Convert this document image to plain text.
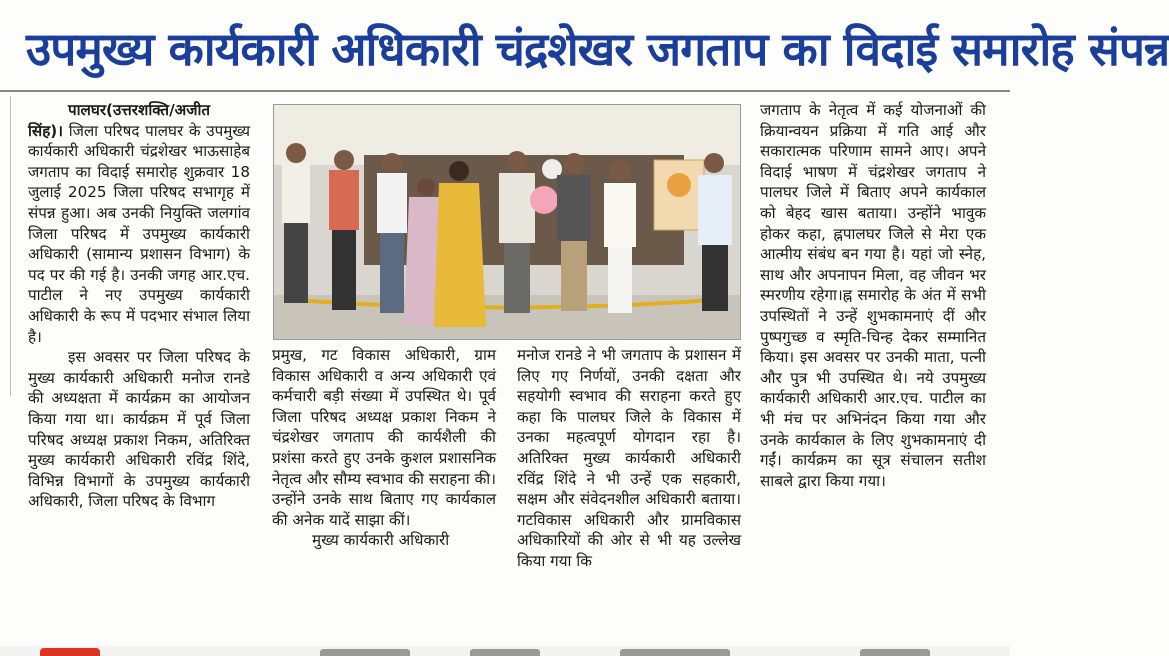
उपमुख्य कार्यकारी अधिकारी चंद्रशेखर जगताप का विदाई समारोह संपन्न

पालघर(उत्तरशक्ति/अजीत सिंह)। जिला परिषद पालघर के उपमुख्य कार्यकारी अधिकारी चंद्रशेखर भाऊसाहेब जगताप का विदाई समारोह शुक्रवार 18 जुलाई 2025 जिला परिषद सभागृह में संपन्न हुआ। अब उनकी नियुक्ति जलगांव जिला परिषद में उपमुख्य कार्यकारी अधिकारी (सामान्य प्रशासन विभाग) के पद पर की गई है। उनकी जगह आर.एच. पाटील ने नए उपमुख्य कार्यकारी अधिकारी के रूप में पदभार संभाल लिया है।

इस अवसर पर जिला परिषद के मुख्य कार्यकारी अधिकारी मनोज रानडे की अध्यक्षता में कार्यक्रम का आयोजन किया गया था। कार्यक्रम में पूर्व जिला परिषद अध्यक्ष प्रकाश निकम, अतिरिक्त मुख्य कार्यकारी अधिकारी रविंद्र शिंदे, विभिन्न विभागों के उपमुख्य कार्यकारी अधिकारी, जिला परिषद के विभाग

प्रमुख, गट विकास अधिकारी, ग्राम विकास अधिकारी व अन्य अधिकारी एवं कर्मचारी बड़ी संख्या में उपस्थित थे। पूर्व जिला परिषद अध्यक्ष प्रकाश निकम ने चंद्रशेखर जगताप की कार्यशैली की प्रशंसा करते हुए उनके कुशल प्रशासनिक नेतृत्व और सौम्य स्वभाव की सराहना की। उन्होंने उनके साथ बिताए गए कार्यकाल की अनेक यादें साझा कीं।

मुख्य कार्यकारी अधिकारी

मनोज रानडे ने भी जगताप के प्रशासन में लिए गए निर्णयों, उनकी दक्षता और सहयोगी स्वभाव की सराहना करते हुए कहा कि पालघर जिले के विकास में उनका महत्वपूर्ण योगदान रहा है। अतिरिक्त मुख्य कार्यकारी अधिकारी रविंद्र शिंदे ने भी उन्हें एक सहकारी, सक्षम और संवेदनशील अधिकारी बताया। गटविकास अधिकारी और ग्रामविकास अधिकारियों की ओर से भी यह उल्लेख किया गया कि

जगताप के नेतृत्व में कई योजनाओं की क्रियान्वयन प्रक्रिया में गति आई और सकारात्मक परिणाम सामने आए। अपने विदाई भाषण में चंद्रशेखर जगताप ने पालघर जिले में बिताए अपने कार्यकाल को बेहद खास बताया। उन्होंने भावुक होकर कहा, ह्नपालघर जिले से मेरा एक आत्मीय संबंध बन गया है। यहां जो स्नेह, साथ और अपनापन मिला, वह जीवन भर स्मरणीय रहेगा।ह्न समारोह के अंत में सभी उपस्थितों ने उन्हें शुभकामनाएं दीं और पुष्पगुच्छ व स्मृति-चिन्ह देकर सम्मानित किया। इस अवसर पर उनकी माता, पत्नी और पुत्र भी उपस्थित थे। नये उपमुख्य कार्यकारी अधिकारी आर.एच. पाटील का भी मंच पर अभिनंदन किया गया और उनके कार्यकाल के लिए शुभकामनाएं दी गईं। कार्यक्रम का सूत्र संचालन सतीश साबले द्वारा किया गया।
